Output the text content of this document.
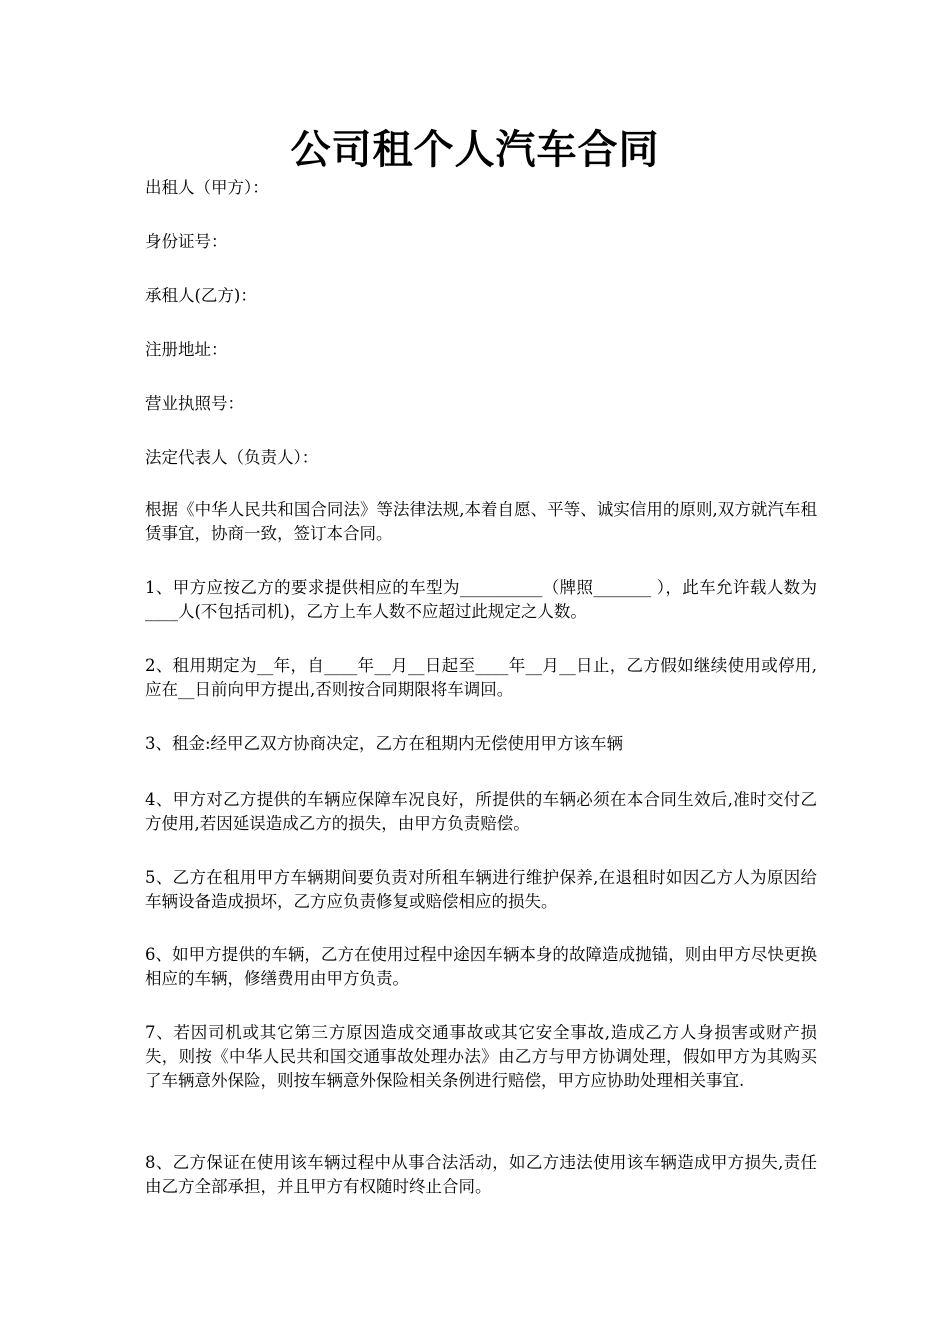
公司租个人汽车合同
出租人（甲方）：
身份证号：
承租人(乙方)：
注册地址：
营业执照号：
法定代表人（负责人）：
根据《中华人民共和国合同法》等法律法规,本着自愿、平等、诚实信用的原则,双方就汽车租赁事宜，协商一致，签订本合同。
1、甲方应按乙方的要求提供相应的车型为__________（牌照_______ ），此车允许载人数为____人(不包括司机)，乙方上车人数不应超过此规定之人数。
2、租用期定为__年，自____年__月__日起至____年__月__日止，乙方假如继续使用或停用,应在__日前向甲方提出,否则按合同期限将车调回。
3、租金:经甲乙双方协商决定，乙方在租期内无偿使用甲方该车辆
4、甲方对乙方提供的车辆应保障车况良好，所提供的车辆必须在本合同生效后,准时交付乙方使用,若因延误造成乙方的损失，由甲方负责赔偿。
5、乙方在租用甲方车辆期间要负责对所租车辆进行维护保养,在退租时如因乙方人为原因给车辆设备造成损坏，乙方应负责修复或赔偿相应的损失。
6、如甲方提供的车辆，乙方在使用过程中途因车辆本身的故障造成抛锚，则由甲方尽快更换相应的车辆，修缮费用由甲方负责。
7、若因司机或其它第三方原因造成交通事故或其它安全事故,造成乙方人身损害或财产损失，则按《中华人民共和国交通事故处理办法》由乙方与甲方协调处理，假如甲方为其购买了车辆意外保险，则按车辆意外保险相关条例进行赔偿，甲方应协助处理相关事宜.
8、乙方保证在使用该车辆过程中从事合法活动，如乙方违法使用该车辆造成甲方损失,责任由乙方全部承担，并且甲方有权随时终止合同。
